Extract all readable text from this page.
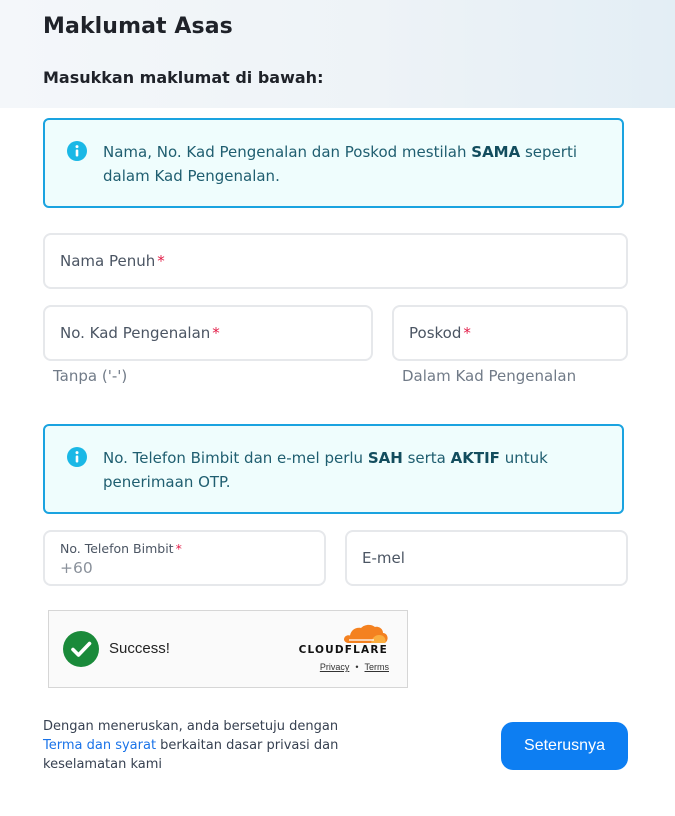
Maklumat Asas
Masukkan maklumat di bawah:
Nama, No. Kad Pengenalan dan Poskod mestilah SAMA seperti dalam Kad Pengenalan.
Nama Penuh *
No. Kad Pengenalan *
Tanpa ('-')
Poskod *
Dalam Kad Pengenalan
No. Telefon Bimbit dan e-mel perlu SAH serta AKTIF untuk penerimaan OTP.
No. Telefon Bimbit *
+60
E-mel
Success!	CLOUDFLARE
Privacy • Terms
Dengan meneruskan, anda bersetuju dengan Terma dan syarat berkaitan dasar privasi dan keselamatan kami
Seterusnya
